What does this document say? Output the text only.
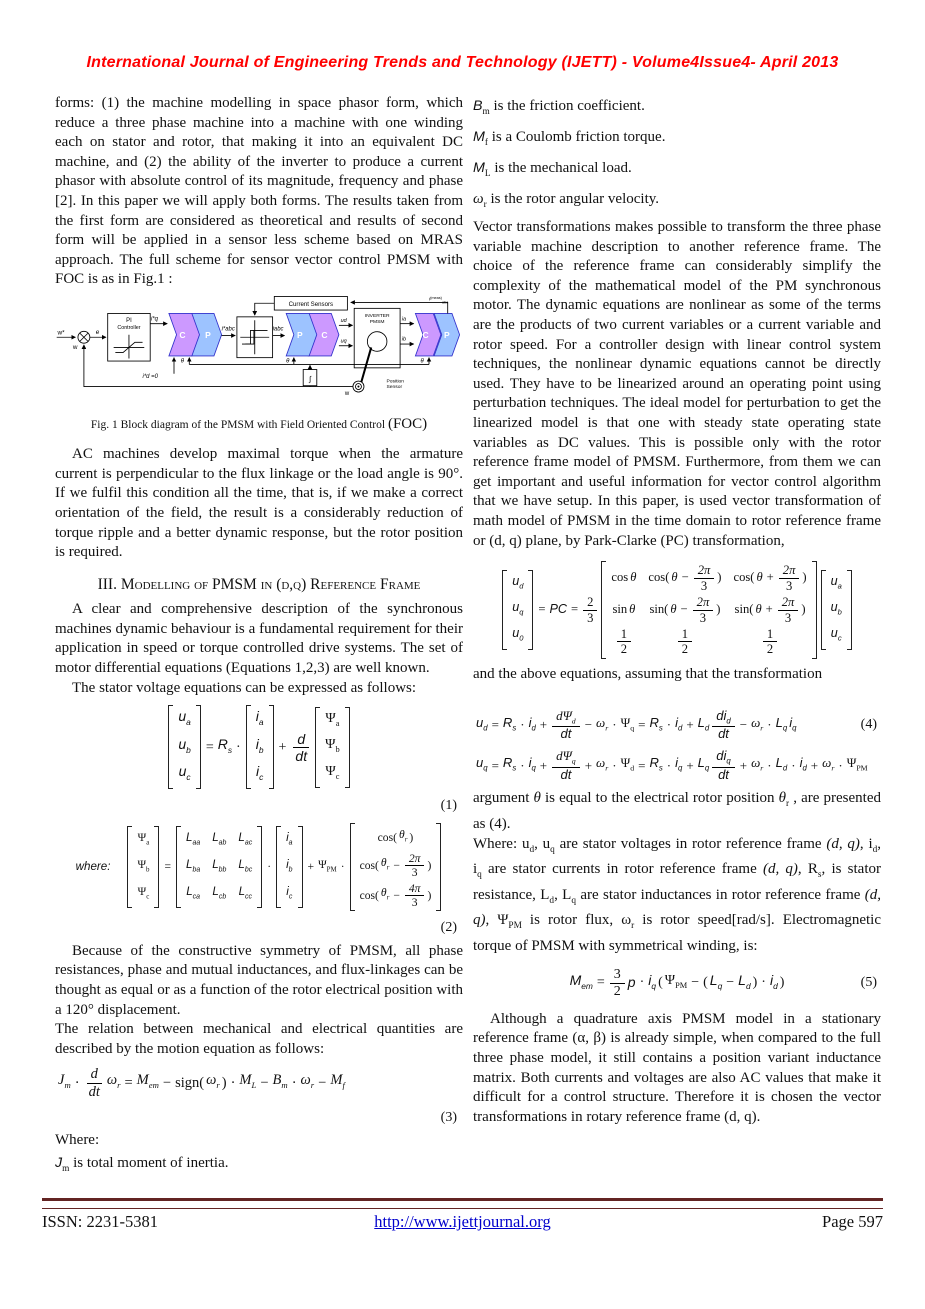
International Journal of Engineering Trends and Technology (IJETT) - Volume4Issue4- April 2013

forms: (1) the machine modelling in space phasor form, which reduce a three phase machine into a machine with one winding each on stator and rotor, that making it into an equivalent DC machine, and (2) the ability of the inverter to produce a current phasor with absolute control of its magnitude, frequency and phase [2]. In this paper we will apply both forms. The results taken from the first form are considered as theoretical and results of second form will be applied in a sensor less scheme based on MRAS approach. The full scheme for sensor vector control PMSM with FOC is as in Fig.1 :

w*
w
e
PI
Controller
i*q
i*d =0
C P
i*abc	iabc
P C
ud
uq
INVERTER
PMSM
ia
ib C P
Current Sensors
$i^{(meas)}_{abc}$
θ	θ	θ
∫	Position
Sensor
w
Fig. 1 Block diagram of the PMSM with Field Oriented Control (FOC)

AC machines develop maximal torque when the armature current is perpendicular to the flux linkage or the load angle is 90°. If we fulfil this condition all the time, that is, if we make a correct orientation of the field, the result is a considerably reduction of torque ripple and a better dynamic response, but the rotor position is required.

III. Modelling of PMSM in (d,q) Reference Frame

A clear and comprehensive description of the synchronous machines dynamic behaviour is a fundamental requirement for their application in speed or torque controlled drive systems. The set of motor differential equations (Equations 1,2,3) are well known.

The stator voltage equations can be expressed as follows:

$u_a$
$u_b$
$u_c$
= $R_s$ ·
$i_a$
$i_b$
$i_c$
+ $\frac{d}{dt}$
$\Psi_a$
$\Psi_b$
$\Psi_c$
(1)
where:
$\Psi_a$
$\Psi_b$
$\Psi_c$
=
$L_{aa}$ $L_{ab}$ $L_{ac}$
$L_{ba}$ $L_{bb}$ $L_{bc}$
$L_{ca}$ $L_{cb}$ $L_{cc}$
·
$i_a$
$i_b$
$i_c$
+ $\Psi_{PM}$ ·
cos( $\theta_r$ )
cos( $\theta_r - \frac{2\pi}{3}$ )
cos( $\theta_r - \frac{4\pi}{3}$ )
(2)

Because of the constructive symmetry of PMSM, all phase resistances, phase and mutual inductances, and flux-linkages can be thought as equal or as a function of the rotor electrical position with a 120° displacement.

The relation between mechanical and electrical quantities are described by the motion equation as follows:

$J_m \cdot \frac{d}{dt} \omega_r = M_{em}$ − sign( $\omega_r$ ) · $M_L - B_m \cdot \omega_r - M_f$
(3)

Where:

$J_m$ is total moment of inertia.

$B_m$ is the friction coefficient.

$M_f$ is a Coulomb friction torque.

$M_L$ is the mechanical load.

$\omega_r$ is the rotor angular velocity.

Vector transformations makes possible to transform the three phase variable machine description to another reference frame. The choice of the reference frame can considerably simplify the complexity of the mathematical model of the PM synchronous motor. The dynamic equations are nonlinear as some of the terms are the products of two current variables or a current variable and rotor speed. For a controller design with linear control system techniques, the nonlinear dynamic equations cannot be directly used. They have to be linearized around an operating point using perturbation techniques. The ideal model for perturbation to get the linearized model is that one with steady state operating state variables as DC values. This is possible only with the rotor reference frame model of PMSM. Furthermore, from them we can get important and useful information for vector control algorithm that we have setup. In this paper, is used vector transformation of math model of PMSM in the time domain to rotor reference frame or (d, q) plane, by Park-Clarke (PC) transformation,

$u_d$
$u_q$
$u_0$
= PC = $\frac{2}{3}$
cos θ cos( $\theta - \frac{2\pi}{3}$ ) cos( $\theta + \frac{2\pi}{3}$ )
sin θ sin( $\theta - \frac{2\pi}{3}$ ) sin( $\theta + \frac{2\pi}{3}$ )
$\frac{1}{2}$	$\frac{1}{2}$	$\frac{1}{2}$
$u_a$
$u_b$
$u_c$

and the above equations, assuming that the transformation

$u_d = R_s \cdot i_d + \frac{d\Psi_d}{dt} - \omega_r \cdot \Psi_q = R_s \cdot i_d + L_d \frac{di_d}{dt} - \omega_r \cdot L_q$ $i_q$	(4)
$u_q = R_s \cdot i_q + \frac{d\Psi_q}{dt} + \omega_r \cdot \Psi_d = R_s \cdot i_q + L_q \frac{di_q}{dt} + \omega_r \cdot L_d \cdot i_d + \omega_r \cdot \Psi_{PM}$

argument θ is equal to the electrical rotor position $\theta_r$ , are presented as (4).

Where: $u_d$, $u_q$ are stator voltages in rotor reference frame (d, q), $i_d$, $i_q$ are stator currents in rotor reference frame (d, q), $R_s$, is stator resistance, $L_d$, $L_q$ are stator inductances in rotor reference frame (d, q), $\Psi_{PM}$ is rotor flux, $\omega_r$ is rotor speed[rad/s]. Electromagnetic torque of PMSM with symmetrical winding, is:

$M_{em} = \frac{3}{2}$ $p \cdot i_q$ ( $\Psi_{PM}$ − ( $L_q - L_d$ ) · $i_d$ )	(5)

Although a quadrature axis PMSM model in a stationary reference frame (α, β) is already simple, when compared to the full three phase model, it still contains a position variant inductance matrix. Both currents and voltages are also AC values that make it difficult for a control structure. Therefore it is chosen the vector transformations in rotary reference frame (d, q).

ISSN: 2231-5381	http://www.ijettjournal.org	Page 597
